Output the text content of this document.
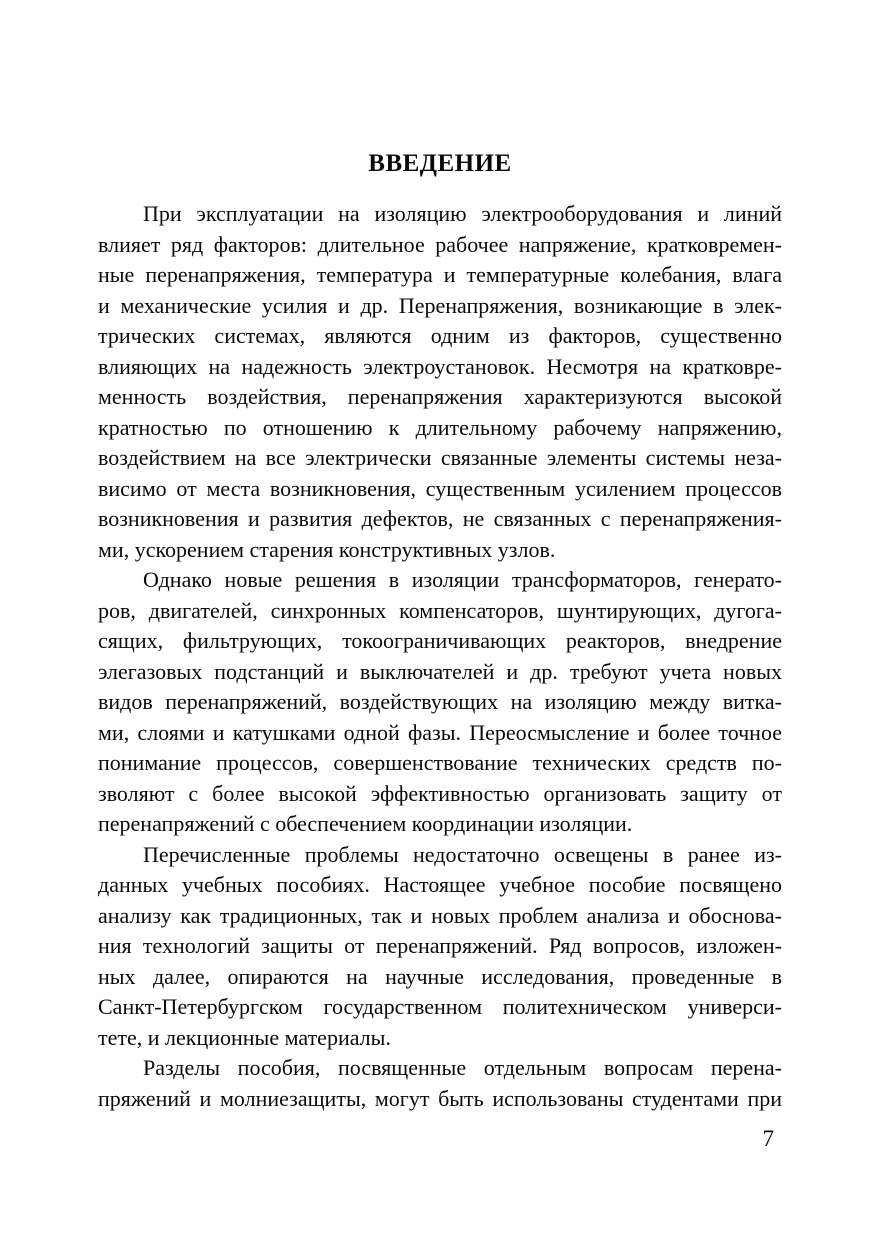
ВВЕДЕНИЕ
При эксплуатации на изоляцию электрооборудования и линий
влияет ряд факторов: длительное рабочее напряжение, кратковремен-
ные перенапряжения, температура и температурные колебания, влага
и механические усилия и др. Перенапряжения, возникающие в элек-
трических системах, являются одним из факторов, существенно
влияющих на надежность электроустановок. Несмотря на кратковре-
менность воздействия, перенапряжения характеризуются высокой
кратностью по отношению к длительному рабочему напряжению,
воздействием на все электрически связанные элементы системы неза-
висимо от места возникновения, существенным усилением процессов
возникновения и развития дефектов, не связанных с перенапряжения-
ми, ускорением старения конструктивных узлов.
Однако новые решения в изоляции трансформаторов, генерато-
ров, двигателей, синхронных компенсаторов, шунтирующих, дугога-
сящих, фильтрующих, токоограничивающих реакторов, внедрение
элегазовых подстанций и выключателей и др. требуют учета новых
видов перенапряжений, воздействующих на изоляцию между витка-
ми, слоями и катушками одной фазы. Переосмысление и более точное
понимание процессов, совершенствование технических средств по-
зволяют с более высокой эффективностью организовать защиту от
перенапряжений с обеспечением координации изоляции.
Перечисленные проблемы недостаточно освещены в ранее из-
данных учебных пособиях. Настоящее учебное пособие посвящено
анализу как традиционных, так и новых проблем анализа и обоснова-
ния технологий защиты от перенапряжений. Ряд вопросов, изложен-
ных далее, опираются на научные исследования, проведенные в
Санкт-Петербургском государственном политехническом универси-
тете, и лекционные материалы.
Разделы пособия, посвященные отдельным вопросам перена-
пряжений и молниезащиты, могут быть использованы студентами при
7
